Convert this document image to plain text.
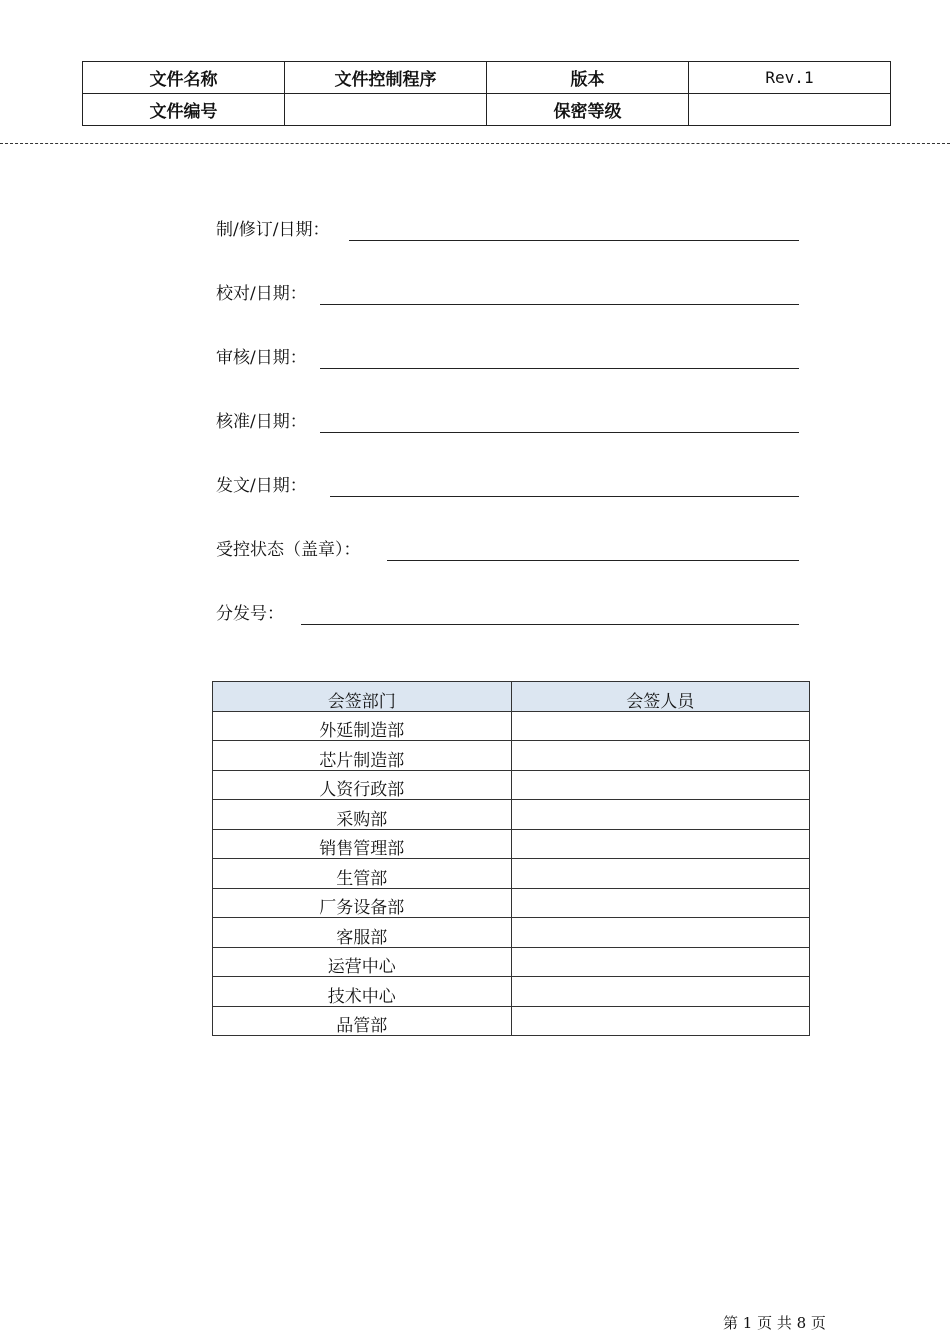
文件名称	文件控制程序	版本	Rev.1
文件编号		保密等级	
制/修订/日期：
校对/日期：
审核/日期：
核准/日期：
发文/日期：
受控状态（盖章）：
分发号：
会签部门	会签人员
外延制造部	
芯片制造部	
人资行政部	
采购部	
销售管理部	
生管部	
厂务设备部	
客服部	
运营中心	
技术中心	
品管部	
第 1 页 共 8 页
